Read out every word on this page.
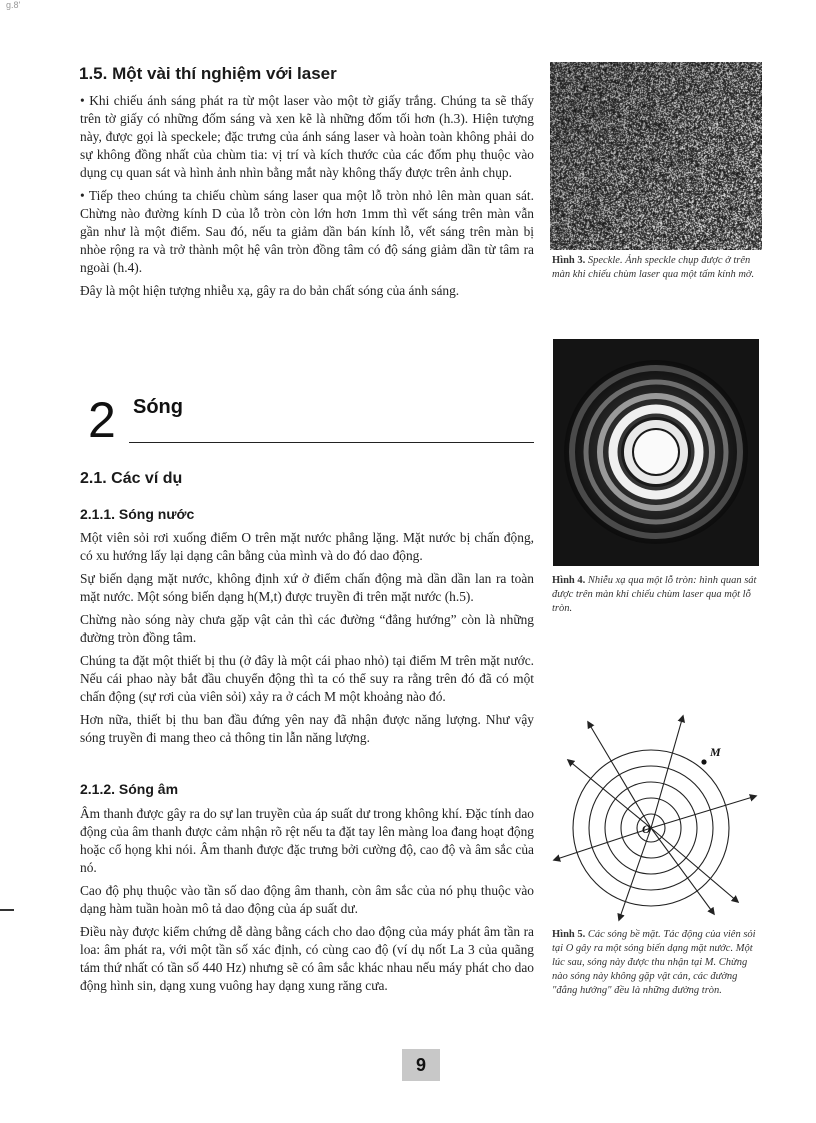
g.8'
1.5. Một vài thí nghiệm với laser

• Khi chiếu ánh sáng phát ra từ một laser vào một tờ giấy trắng. Chúng ta sẽ thấy trên tờ giấy có những đốm sáng và xen kẽ là những đốm tối hơn (h.3). Hiện tượng này, được gọi là speckele; đặc trưng của ánh sáng laser và hoàn toàn không phải do sự không đồng nhất của chùm tia: vị trí và kích thước của các đốm phụ thuộc vào dụng cụ quan sát và hình ảnh nhìn bằng mắt này không thấy được trên ảnh chụp.

• Tiếp theo chúng ta chiếu chùm sáng laser qua một lỗ tròn nhỏ lên màn quan sát. Chừng nào đường kính D của lỗ tròn còn lớn hơn 1mm thì vết sáng trên màn vẫn gần như là một điểm. Sau đó, nếu ta giảm dần bán kính lỗ, vết sáng trên màn bị nhòe rộng ra và trở thành một hệ vân tròn đồng tâm có độ sáng giảm dần từ tâm ra ngoài (h.4).

Đây là một hiện tượng nhiễu xạ, gây ra do bản chất sóng của ánh sáng.

Hình 3. Speckle. Ảnh speckle chụp được ở trên màn khi chiếu chùm laser qua một tấm kính mờ.

2 Sóng
2.1. Các ví dụ
2.1.1. Sóng nước

Một viên sỏi rơi xuống điểm O trên mặt nước phẳng lặng. Mặt nước bị chấn động, có xu hướng lấy lại dạng cân bằng của mình và do đó dao động.

Sự biến dạng mặt nước, không định xứ ở điểm chấn động mà dần dần lan ra toàn mặt nước. Một sóng biến dạng h(M,t) được truyền đi trên mặt nước (h.5).

Chừng nào sóng này chưa gặp vật cản thì các đường “đẳng hướng” còn là những đường tròn đồng tâm.

Chúng ta đặt một thiết bị thu (ở đây là một cái phao nhỏ) tại điểm M trên mặt nước. Nếu cái phao này bắt đầu chuyển động thì ta có thể suy ra rằng trên đó đã có một chấn động (sự rơi của viên sỏi) xảy ra ở cách M một khoảng nào đó.

Hơn nữa, thiết bị thu ban đầu đứng yên nay đã nhận được năng lượng. Như vậy sóng truyền đi mang theo cả thông tin lẫn năng lượng.

2.1.2. Sóng âm

Âm thanh được gây ra do sự lan truyền của áp suất dư trong không khí. Đặc tính dao động của âm thanh được cảm nhận rõ rệt nếu ta đặt tay lên màng loa đang hoạt động hoặc cổ họng khi nói. Âm thanh được đặc trưng bởi cường độ, cao độ và âm sắc của nó.

Cao độ phụ thuộc vào tần số dao động âm thanh, còn âm sắc của nó phụ thuộc vào dạng hàm tuần hoàn mô tả dao động của áp suất dư.

Điều này được kiểm chứng dễ dàng bằng cách cho dao động của máy phát âm tần ra loa: âm phát ra, với một tần số xác định, có cùng cao độ (ví dụ nốt La 3 của quãng tám thứ nhất có tần số 440 Hz) nhưng sẽ có âm sắc khác nhau nếu máy phát cho dao động hình sin, dạng xung vuông hay dạng xung răng cưa.

Hình 4. Nhiễu xạ qua một lỗ tròn: hình quan sát được trên màn khi chiếu chùm laser qua một lỗ tròn.

M
O

Hình 5. Các sóng bề mặt. Tác động của viên sỏi tại O gây ra một sóng biến dạng mặt nước. Một lúc sau, sóng này được thu nhận tại M. Chừng nào sóng này không gặp vật cản, các đường "đẳng hướng" đều là những đường tròn.

9
